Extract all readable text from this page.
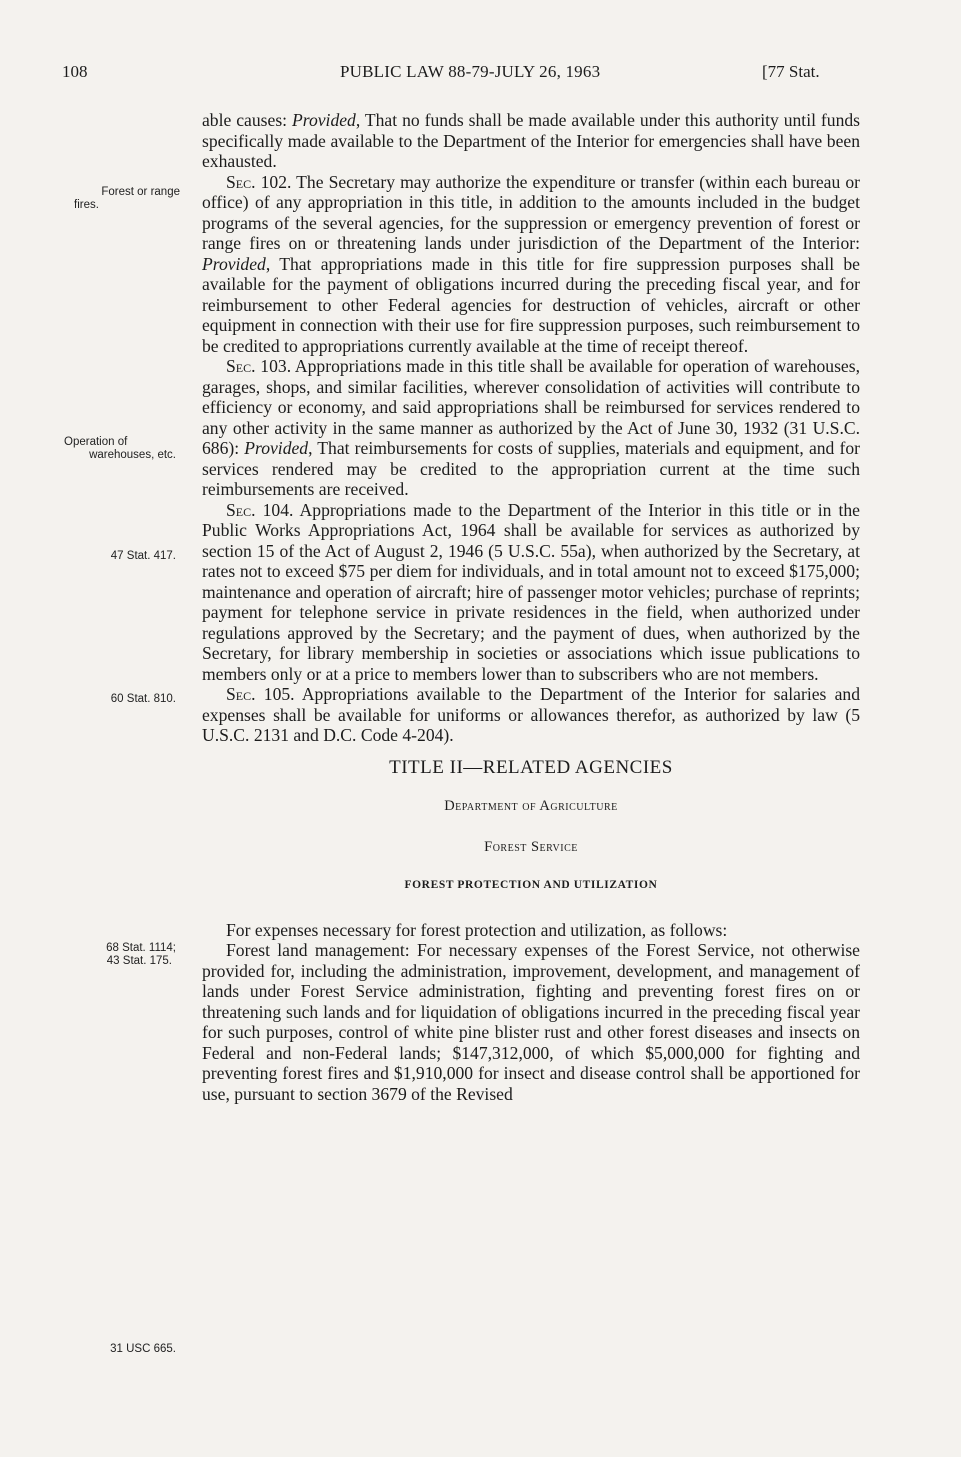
108	PUBLIC LAW 88-79-JULY 26, 1963	[77 Stat.
Forest or range
fires.
Operation of
warehouses, etc.
47 Stat. 417.
60 Stat. 810.
68 Stat. 1114;
43 Stat. 175.
31 USC 665.

able causes: Provided, That no funds shall be made available under this authority until funds specifically made available to the Department of the Interior for emergencies shall have been exhausted.

Sec. 102. The Secretary may authorize the expenditure or transfer (within each bureau or office) of any appropriation in this title, in addition to the amounts included in the budget programs of the several agencies, for the suppression or emergency prevention of forest or range fires on or threatening lands under jurisdiction of the Department of the Interior: Provided, That appropriations made in this title for fire suppression purposes shall be available for the payment of obligations incurred during the preceding fiscal year, and for reimbursement to other Federal agencies for destruction of vehicles, aircraft or other equipment in connection with their use for fire suppression purposes, such reimbursement to be credited to appropriations currently available at the time of receipt thereof.

Sec. 103. Appropriations made in this title shall be available for operation of warehouses, garages, shops, and similar facilities, wherever consolidation of activities will contribute to efficiency or economy, and said appropriations shall be reimbursed for services rendered to any other activity in the same manner as authorized by the Act of June 30, 1932 (31 U.S.C. 686): Provided, That reimbursements for costs of supplies, materials and equipment, and for services rendered may be credited to the appropriation current at the time such reimbursements are received.

Sec. 104. Appropriations made to the Department of the Interior in this title or in the Public Works Appropriations Act, 1964 shall be available for services as authorized by section 15 of the Act of August 2, 1946 (5 U.S.C. 55a), when authorized by the Secretary, at rates not to exceed $75 per diem for individuals, and in total amount not to exceed $175,000; maintenance and operation of aircraft; hire of passenger motor vehicles; purchase of reprints; payment for telephone service in private residences in the field, when authorized under regulations approved by the Secretary; and the payment of dues, when authorized by the Secretary, for library membership in societies or associations which issue publications to members only or at a price to members lower than to subscribers who are not members.

Sec. 105. Appropriations available to the Department of the Interior for salaries and expenses shall be available for uniforms or allowances therefor, as authorized by law (5 U.S.C. 2131 and D.C. Code 4-204).

TITLE II—RELATED AGENCIES
Department of Agriculture
Forest Service
FOREST PROTECTION AND UTILIZATION

For expenses necessary for forest protection and utilization, as follows:

Forest land management: For necessary expenses of the Forest Service, not otherwise provided for, including the administration, improvement, development, and management of lands under Forest Service administration, fighting and preventing forest fires on or threatening such lands and for liquidation of obligations incurred in the preceding fiscal year for such purposes, control of white pine blister rust and other forest diseases and insects on Federal and non-Federal lands; $147,312,000, of which $5,000,000 for fighting and preventing forest fires and $1,910,000 for insect and disease control shall be apportioned for use, pursuant to section 3679 of the Revised
